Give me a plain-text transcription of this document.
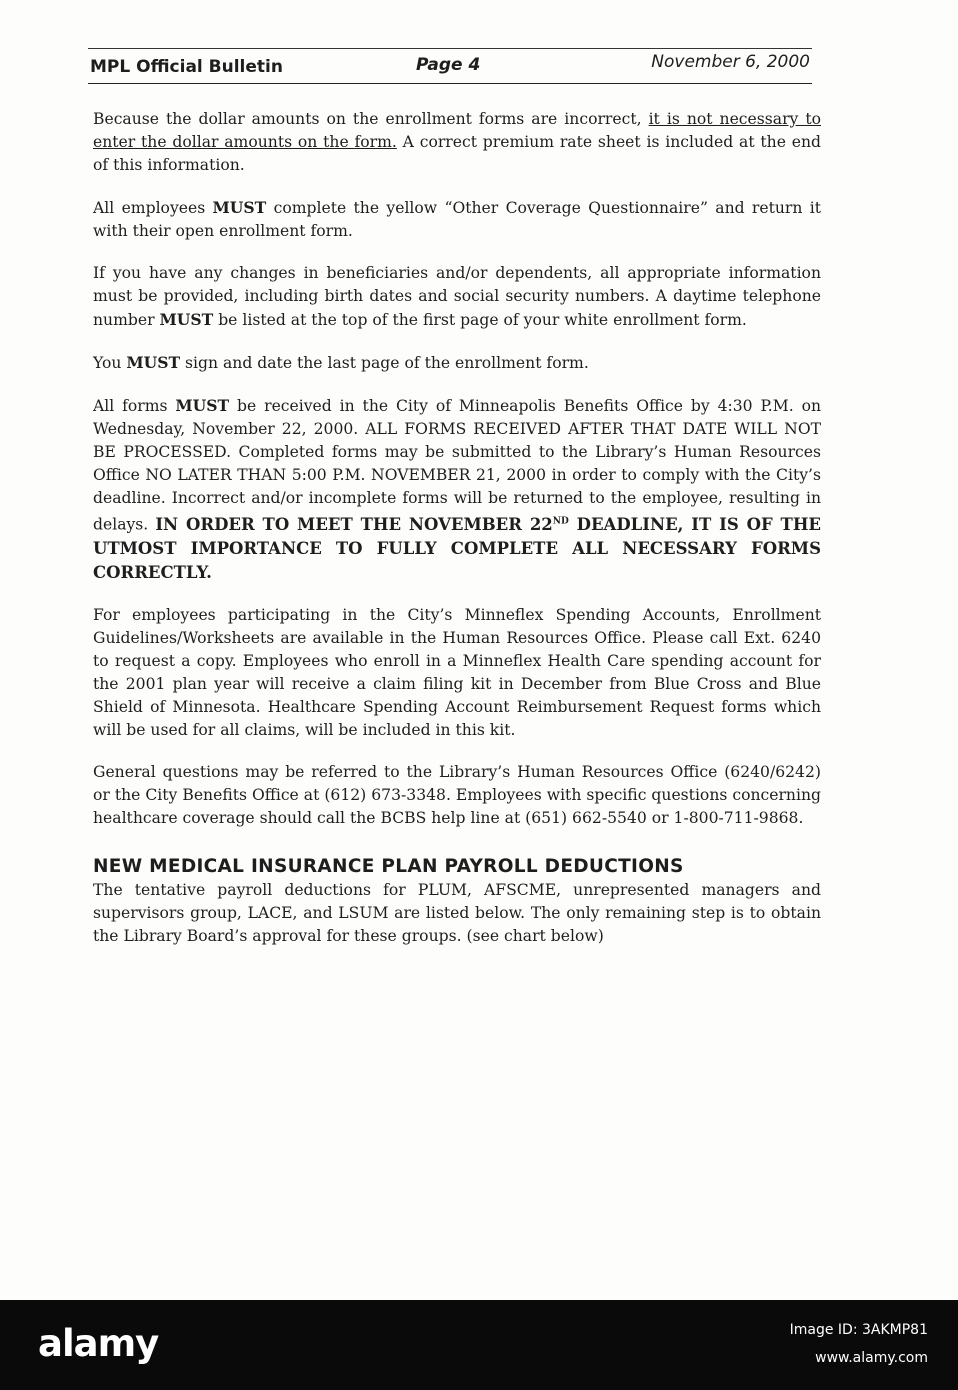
MPL Official Bulletin	Page 4	November 6, 2000

Because the dollar amounts on the enrollment forms are incorrect, it is not necessary to enter the dollar amounts on the form. A correct premium rate sheet is included at the end of this information.

All employees MUST complete the yellow “Other Coverage Questionnaire” and return it with their open enrollment form.

If you have any changes in beneficiaries and/or dependents, all appropriate information must be provided, including birth dates and social security numbers. A daytime telephone number MUST be listed at the top of the first page of your white enrollment form.

You MUST sign and date the last page of the enrollment form.

All forms MUST be received in the City of Minneapolis Benefits Office by 4:30 P.M. on Wednesday, November 22, 2000. ALL FORMS RECEIVED AFTER THAT DATE WILL NOT BE PROCESSED. Completed forms may be submitted to the Library’s Human Resources Office NO LATER THAN 5:00 P.M. NOVEMBER 21, 2000 in order to comply with the City’s deadline. Incorrect and/or incomplete forms will be returned to the employee, resulting in delays. IN ORDER TO MEET THE NOVEMBER 22ND DEADLINE, IT IS OF THE UTMOST IMPORTANCE TO FULLY COMPLETE ALL NECESSARY FORMS CORRECTLY.

For employees participating in the City’s Minneflex Spending Accounts, Enrollment Guidelines/Worksheets are available in the Human Resources Office. Please call Ext. 6240 to request a copy. Employees who enroll in a Minneflex Health Care spending account for the 2001 plan year will receive a claim filing kit in December from Blue Cross and Blue Shield of Minnesota. Healthcare Spending Account Reimbursement Request forms which will be used for all claims, will be included in this kit.

General questions may be referred to the Library’s Human Resources Office (6240/6242) or the City Benefits Office at (612) 673-3348. Employees with specific questions concerning healthcare coverage should call the BCBS help line at (651) 662-5540 or 1-800-711-9868.

NEW MEDICAL INSURANCE PLAN PAYROLL DEDUCTIONS

The tentative payroll deductions for PLUM, AFSCME, unrepresented managers and supervisors group, LACE, and LSUM are listed below. The only remaining step is to obtain the Library Board’s approval for these groups. (see chart below)

alamy	Image ID: 3AKMP81
www.alamy.com
